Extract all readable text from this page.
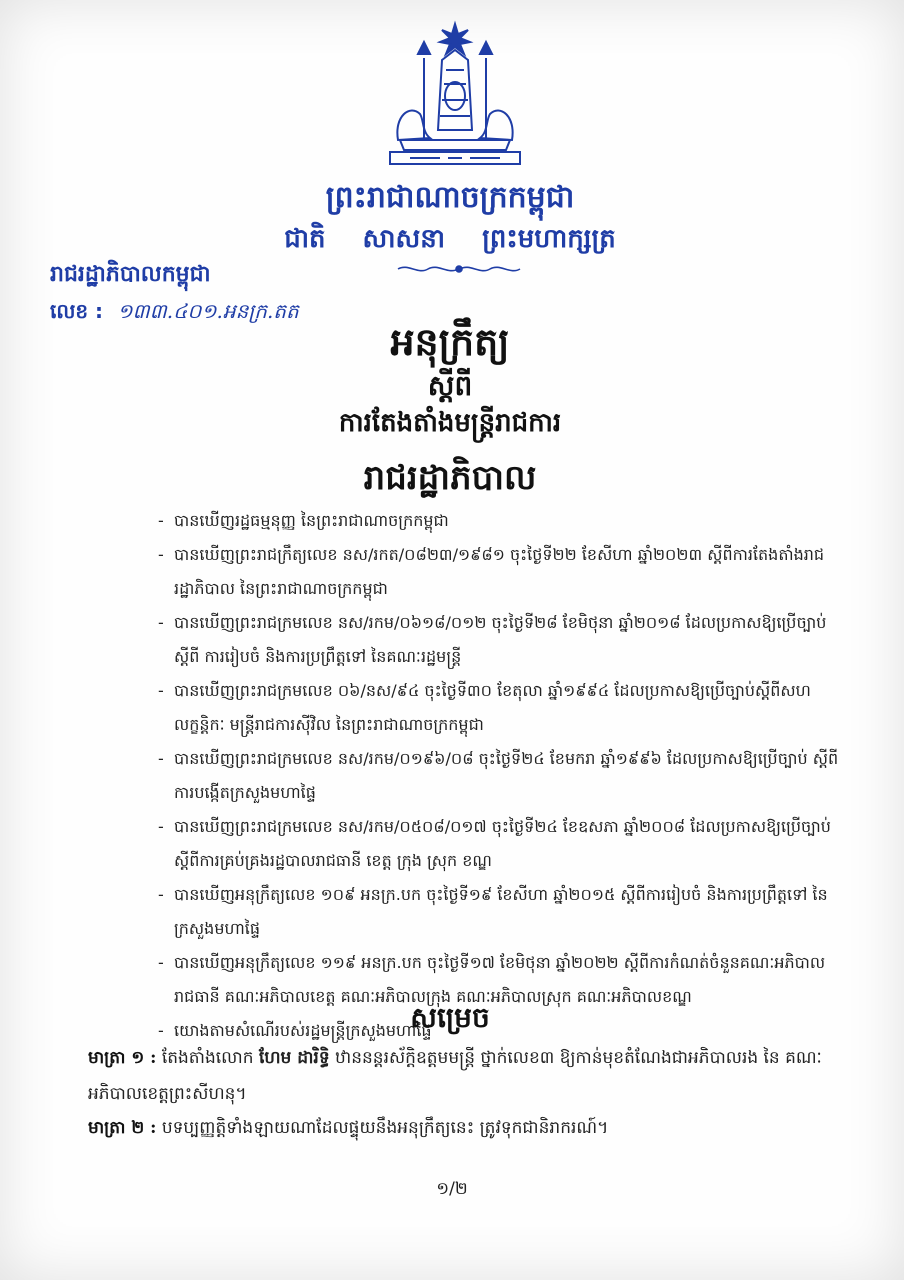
ព្រះរាជាណាចក្រកម្ពុជា
ជាតិ សាសនា ព្រះមហាក្សត្រ
រាជរដ្ឋាភិបាលកម្ពុជា
លេខ : ១៣៣.៤០១.អនក្រ.តត
អនុក្រឹត្យ
ស្តីពី
ការតែងតាំងមន្ត្រីរាជការ
រាជរដ្ឋាភិបាល
- បានឃើញរដ្ឋធម្មនុញ្ញ នៃព្រះរាជាណាចក្រកម្ពុជា
- បានឃើញព្រះរាជក្រឹត្យលេខ នស/រកត/០៨២៣/១៩៨១ ចុះថ្ងៃទី២២ ខែសីហា ឆ្នាំ២០២៣ ស្តីពីការតែងតាំងរាជរដ្ឋាភិបាល នៃព្រះរាជាណាចក្រកម្ពុជា
- បានឃើញព្រះរាជក្រមលេខ នស/រកម/០៦១៨/០១២ ចុះថ្ងៃទី២៨ ខែមិថុនា ឆ្នាំ២០១៨ ដែលប្រកាសឱ្យប្រើច្បាប់ស្តីពី ការរៀបចំ និងការប្រព្រឹត្តទៅ នៃគណៈរដ្ឋមន្ត្រី
- បានឃើញព្រះរាជក្រមលេខ ០៦/នស/៩៤ ចុះថ្ងៃទី៣០ ខែតុលា ឆ្នាំ១៩៩៤ ដែលប្រកាសឱ្យប្រើច្បាប់ស្តីពីសហលក្ខន្តិកៈ មន្ត្រីរាជការស៊ីវិល នៃព្រះរាជាណាចក្រកម្ពុជា
- បានឃើញព្រះរាជក្រមលេខ នស/រកម/០១៩៦/០៨ ចុះថ្ងៃទី២៤ ខែមករា ឆ្នាំ១៩៩៦ ដែលប្រកាសឱ្យប្រើច្បាប់ ស្តីពីការបង្កើតក្រសួងមហាផ្ទៃ
- បានឃើញព្រះរាជក្រមលេខ នស/រកម/០៥០៨/០១៧ ចុះថ្ងៃទី២៤ ខែឧសភា ឆ្នាំ២០០៨ ដែលប្រកាសឱ្យប្រើច្បាប់ ស្តីពីការគ្រប់គ្រងរដ្ឋបាលរាជធានី ខេត្ត ក្រុង ស្រុក ខណ្ឌ
- បានឃើញអនុក្រឹត្យលេខ ១០៩ អនក្រ.បក ចុះថ្ងៃទី១៩ ខែសីហា ឆ្នាំ២០១៥ ស្តីពីការរៀបចំ និងការប្រព្រឹត្តទៅ នៃ ក្រសួងមហាផ្ទៃ
- បានឃើញអនុក្រឹត្យលេខ ១១៩ អនក្រ.បក ចុះថ្ងៃទី១៧ ខែមិថុនា ឆ្នាំ២០២២ ស្តីពីការកំណត់ចំនួនគណៈអភិបាល រាជធានី គណៈអភិបាលខេត្ត គណៈអភិបាលក្រុង គណៈអភិបាលស្រុក គណៈអភិបាលខណ្ឌ
- យោងតាមសំណើរបស់រដ្ឋមន្ត្រីក្រសួងមហាផ្ទៃ
សម្រេច
មាត្រា ១ : តែងតាំងលោក ហែម ដារិទ្ធិ ឋាននន្តរស័ក្តិឧត្តមមន្ត្រី ថ្នាក់លេខ៣ ឱ្យកាន់មុខតំណែងជាអភិបាលរង នៃ គណៈអភិបាលខេត្តព្រះសីហនុ។
មាត្រា ២ : បទប្បញ្ញត្តិទាំងឡាយណាដែលផ្ទុយនឹងអនុក្រឹត្យនេះ ត្រូវទុកជានិរាករណ៍។
១/២
